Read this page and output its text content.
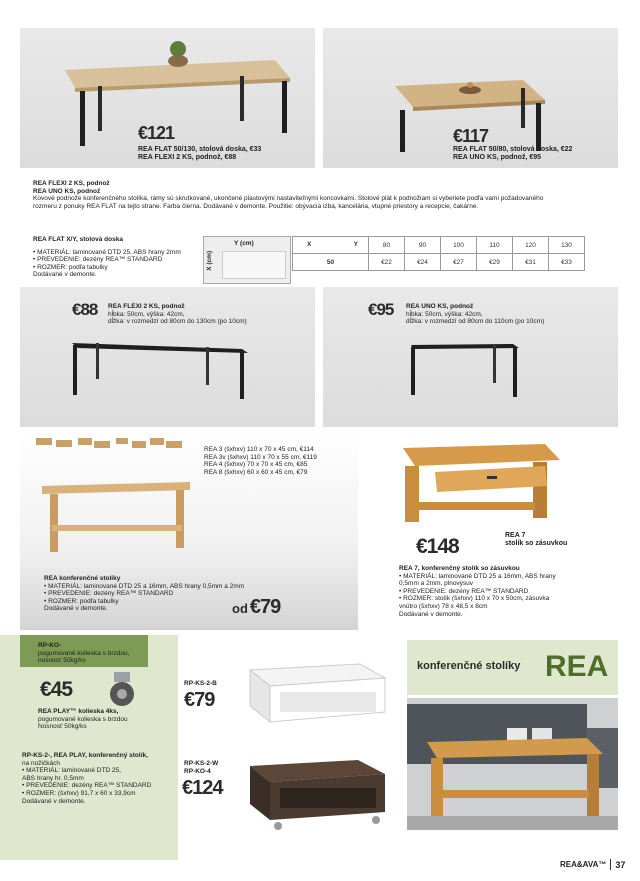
€121
REA FLAT 50/130, stolová doska, €33
REA FLEXI 2 KS, podnož, €88
€117
REA FLAT 50/80, stolová doska, €22
REA UNO KS, podnož, €95
REA FLEXI 2 KS, podnož
REA UNO KS, podnož
Kovové podnože konferenčného stolíka, rámy sú skrutkované, ukončené plastovými nastaviteľnými koncovkami. Stolové plát k podnožiam si vyberiete podľa vami požadovaného
rozmeru z ponuky REA FLAT na tejto strane. Farba čierna. Dodávané v demonte. Použitie: obývacia izba, kancelária, vtupné priestory a recepcie, čakárne.
REA FLAT X/Y, stolová doska
• MATERIÁL: laminované DTD 25, ABS hrany 2mm
• PREVEDENIE: dezény REA™ STANDARD
• ROZMER: podľa tabulky
Dodávané v demonte.
Y (cm)
X (cm)
X Y	80	90	100	110	120	130
50	€22	€24	€27	€29	€31	€33
€88 REA FLEXI 2 KS, podnož
hĺbka: 50cm, výška: 42cm,
dĺžka: v rozmedzí od 80cm do 130cm (po 10cm)
€95 REA UNO KS, podnož
hĺbka: 50cm, výška: 42cm,
dĺžka: v rozmedzí od 80cm do 110cm (po 10cm)
REA 3 (šxhxv) 110 x 70 x 45 cm, €114
REA 3v (šxhxv) 110 x 70 x 55 cm, €119
REA 4 (šxhxv) 70 x 70 x 45 cm, €85
REA 8 (šxhxv) 60 x 60 x 45 cm, €79
REA konferenčné stolíky
• MATERIÁL: laminované DTD 25 a 16mm, ABS hrany 0,5mm a 2mm
• PREVEDENIE: dezény REA™ STANDARD
• ROZMER: podľa tabulky
Dodávané v demonte.	od €79
€148	REA 7
stolík so zásuvkou
REA 7, konferenčný stolík so zásuvkou
• MATERIÁL: laminované DTD 25 a 16mm, ABS hrany
0,5mm a 2mm, plnovýsuv
• PREVEDENIE: dezény REA™ STANDARD
• ROZMER: stolík (šxhxv) 110 x 70 x 50cm, zásuvka
vnútro (šxhxv) 78 x 48,5 x 8cm
Dodávané v demonte.
RP-KO-
pogumované kolieska s brzdou,
nosnosť 50kg/ks
€45
REA PLAY™ kolieska 4ks,
pogumované kolieska s brzdou
Nosnosť 50kg/ks
RP-KS-2-, REA PLAY, konferenčný stolík,
na nožičkách
• MATERIÁL: laminované DTD 25,
ABS hrany hr. 0,5mm
• PREVEDENIE: dezény REA™ STANDARD
• ROZMER: (šxhxv) 91,7 x 60 x 33,9cm
Dodávané v demonte.
RP-KS-2-B
€79
RP-KS-2-W
RP-KO-4
€124
konferenčné stolíky REA
REA&AVA™ 37
